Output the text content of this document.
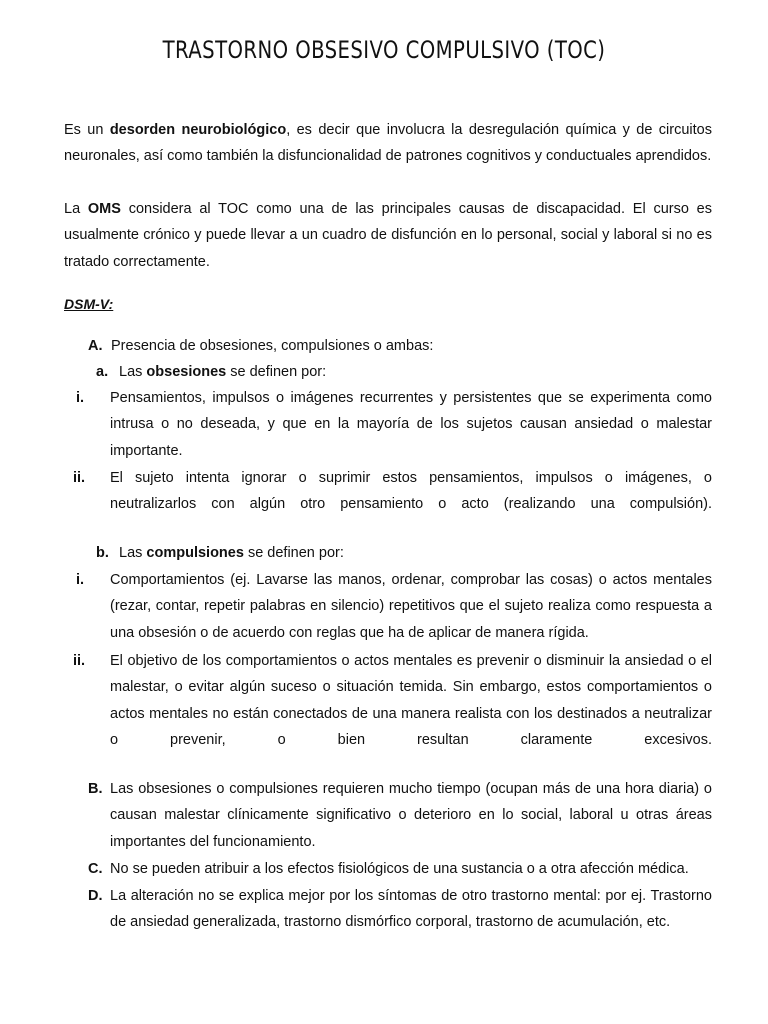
TRASTORNO OBSESIVO COMPULSIVO (TOC)
Es un desorden neurobiológico, es decir que involucra la desregulación química y de circuitos neuronales, así como también la disfuncionalidad de patrones cognitivos y conductuales aprendidos.
La OMS considera al TOC como una de las principales causas de discapacidad. El curso es usualmente crónico y puede llevar a un cuadro de disfunción en lo personal, social y laboral si no es tratado correctamente.
DSM-V:
A. Presencia de obsesiones, compulsiones o ambas:
a. Las obsesiones se definen por:
i. Pensamientos, impulsos o imágenes recurrentes y persistentes que se experimenta como intrusa o no deseada, y que en la mayoría de los sujetos causan ansiedad o malestar importante.
ii. El sujeto intenta ignorar o suprimir estos pensamientos, impulsos o imágenes, o neutralizarlos con algún otro pensamiento o acto (realizando una compulsión).
b. Las compulsiones se definen por:
i. Comportamientos (ej. Lavarse las manos, ordenar, comprobar las cosas) o actos mentales (rezar, contar, repetir palabras en silencio) repetitivos que el sujeto realiza como respuesta a una obsesión o de acuerdo con reglas que ha de aplicar de manera rígida.
ii. El objetivo de los comportamientos o actos mentales es prevenir o disminuir la ansiedad o el malestar, o evitar algún suceso o situación temida. Sin embargo, estos comportamientos o actos mentales no están conectados de una manera realista con los destinados a neutralizar o prevenir, o bien resultan claramente excesivos.
B. Las obsesiones o compulsiones requieren mucho tiempo (ocupan más de una hora diaria) o causan malestar clínicamente significativo o deterioro en lo social, laboral u otras áreas importantes del funcionamiento.
C. No se pueden atribuir a los efectos fisiológicos de una sustancia o a otra afección médica.
D. La alteración no se explica mejor por los síntomas de otro trastorno mental: por ej. Trastorno de ansiedad generalizada, trastorno dismórfico corporal, trastorno de acumulación, etc.
